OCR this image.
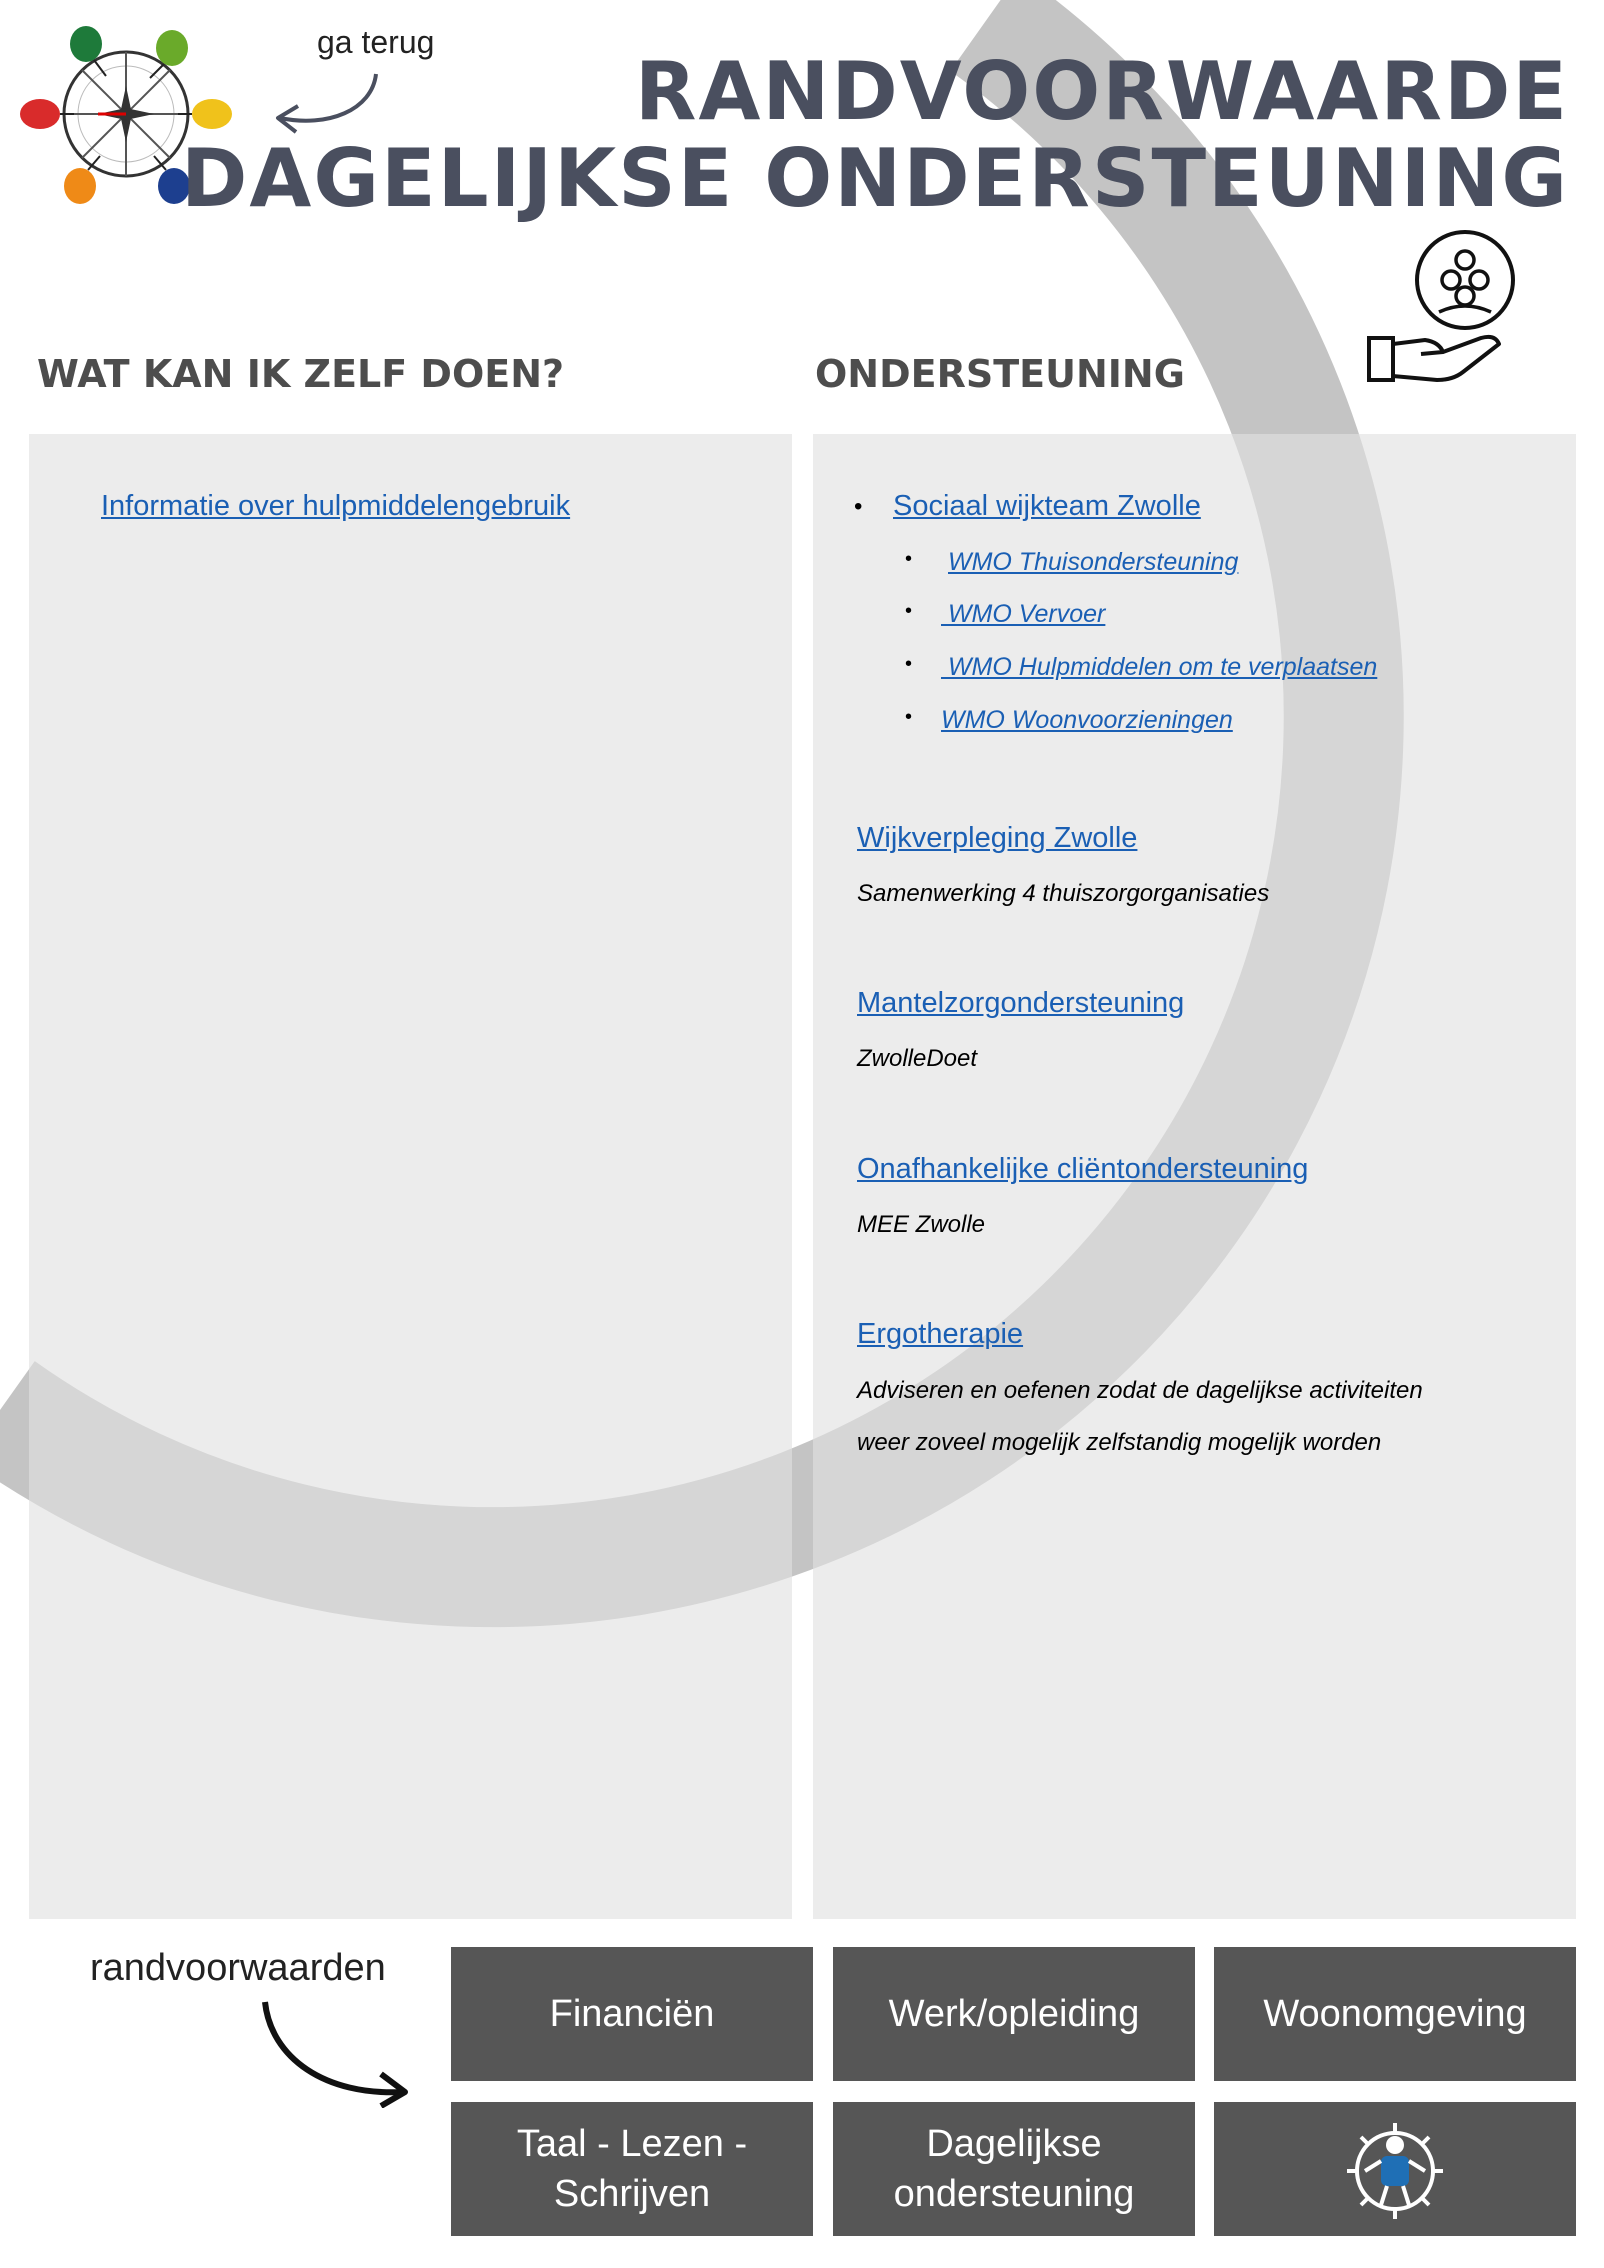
ga terug
RANDVOORWAARDE
DAGELIJKSE ONDERSTEUNING
WAT KAN IK ZELF DOEN?	ONDERSTEUNING
Informatie over hulpmiddelengebruik	• Sociaal wijkteam Zwolle
• WMO Thuisondersteuning
• WMO Vervoer
• WMO Hulpmiddelen om te verplaatsen
• WMO Woonvoorzieningen
Wijkverpleging Zwolle
Samenwerking 4 thuiszorgorganisaties
Mantelzorgondersteuning
ZwolleDoet
Onafhankelijke cliëntondersteuning
MEE Zwolle
Ergotherapie
Adviseren en oefenen zodat de dagelijkse activiteiten
weer zoveel mogelijk zelfstandig mogelijk worden
randvoorwaarden
Financiën	Werk/opleiding	Woonomgeving
Taal - Lezen -
Schrijven
Dagelijkse
ondersteuning
